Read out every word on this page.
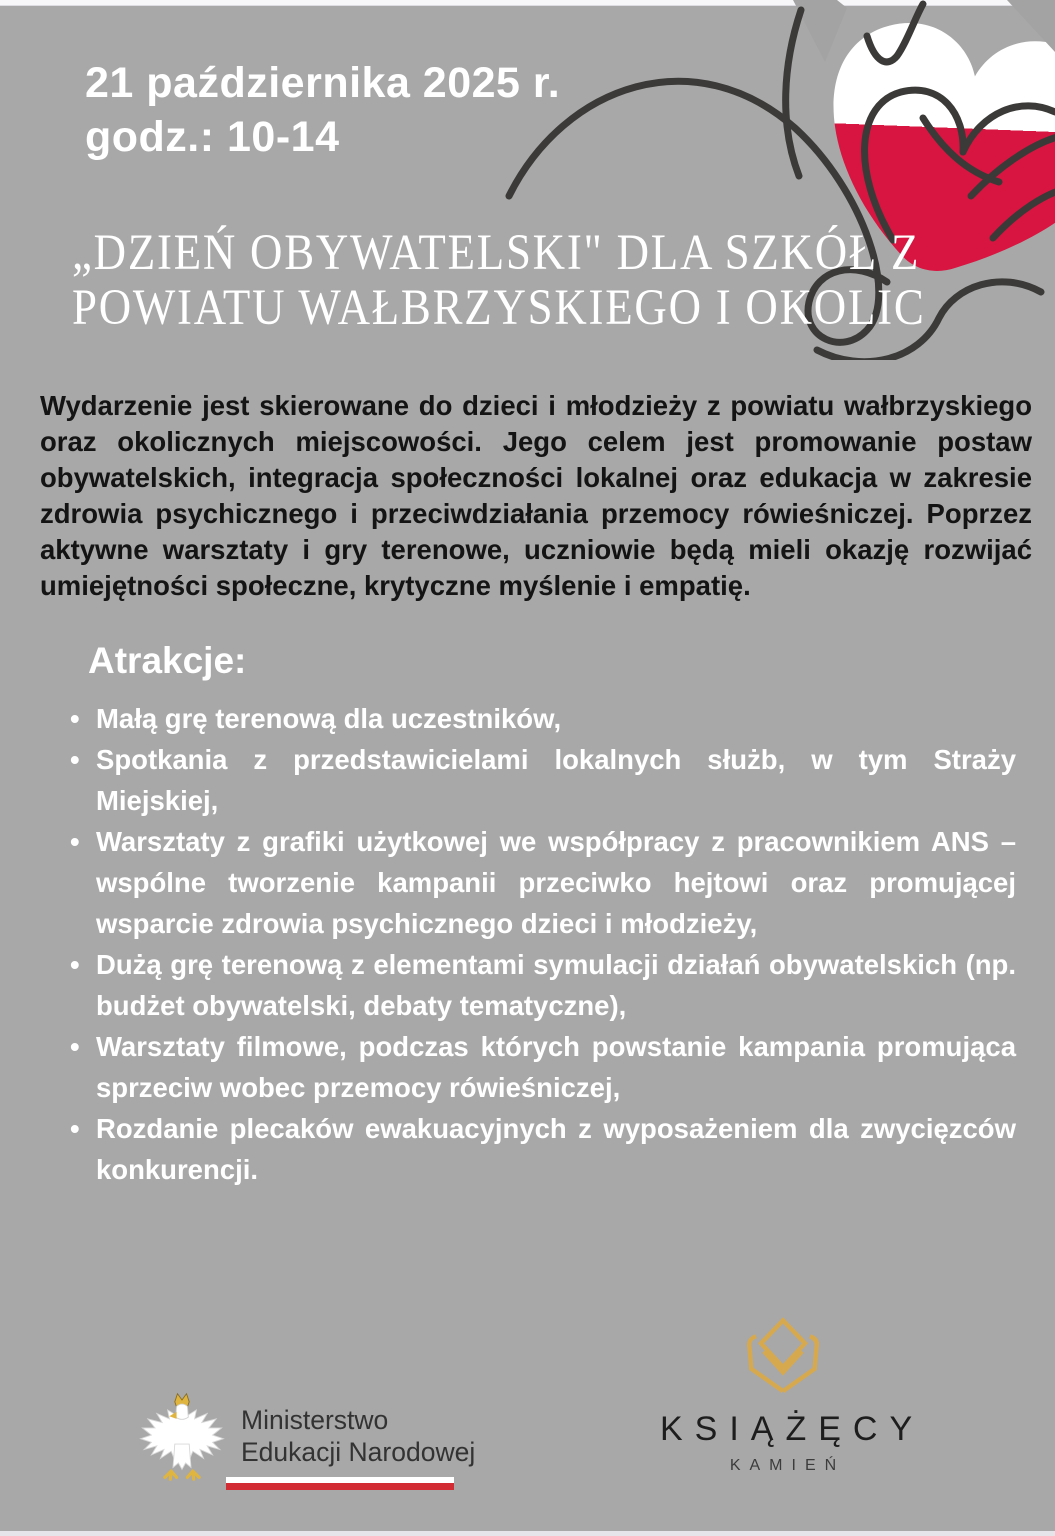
21 października 2025 r.
godz.: 10-14
„DZIEŃ OBYWATELSKI" DLA SZKÓŁ Z
POWIATU WAŁBRZYSKIEGO I OKOLIC

Wydarzenie jest skierowane do dzieci i młodzieży z powiatu wałbrzyskiego oraz okolicznych miejscowości. Jego celem jest promowanie postaw obywatelskich, integracja społeczności lokalnej oraz edukacja w zakresie zdrowia psychicznego i przeciwdziałania przemocy rówieśniczej. Poprzez aktywne warsztaty i gry terenowe, uczniowie będą mieli okazję rozwijać umiejętności społeczne, krytyczne myślenie i empatię.

Atrakcje:
• Małą grę terenową dla uczestników,
• Spotkania z przedstawicielami lokalnych służb, w tym Straży Miejskiej,
• Warsztaty z grafiki użytkowej we współpracy z pracownikiem ANS – wspólne tworzenie kampanii przeciwko hejtowi oraz promującej wsparcie zdrowia psychicznego dzieci i młodzieży,
• Dużą grę terenową z elementami symulacji działań obywatelskich (np. budżet obywatelski, debaty tematyczne),
• Warsztaty filmowe, podczas których powstanie kampania promująca sprzeciw wobec przemocy rówieśniczej,
• Rozdanie plecaków ewakuacyjnych z wyposażeniem dla zwycięzców konkurencji.
Ministerstwo
Edukacji Narodowej
KSIĄŻĘCY
KAMIEŃ
